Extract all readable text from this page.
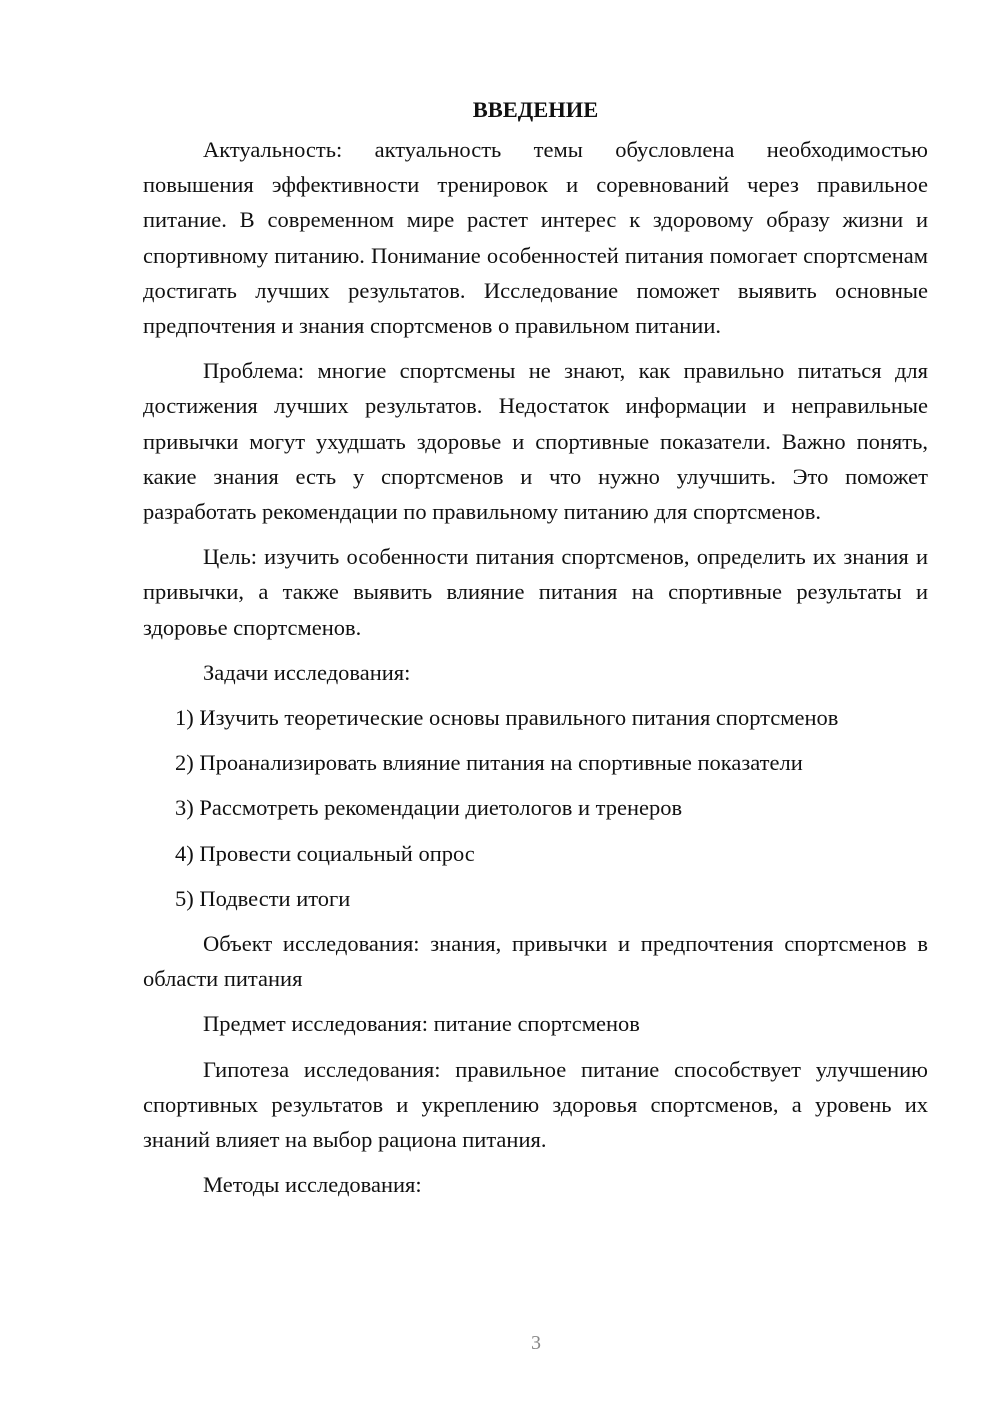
ВВЕДЕНИЕ

Актуальность: актуальность темы обусловлена необходимостью повышения эффективности тренировок и соревнований через правильное питание. В современном мире растет интерес к здоровому образу жизни и спортивному питанию. Понимание особенностей питания помогает спортсменам достигать лучших результатов. Исследование поможет выявить основные предпочтения и знания спортсменов о правильном питании.

Проблема: многие спортсмены не знают, как правильно питаться для достижения лучших результатов. Недостаток информации и неправильные привычки могут ухудшать здоровье и спортивные показатели. Важно понять, какие знания есть у спортсменов и что нужно улучшить. Это поможет разработать рекомендации по правильному питанию для спортсменов.

Цель: изучить особенности питания спортсменов, определить их знания и привычки, а также выявить влияние питания на спортивные результаты и здоровье спортсменов.

Задачи исследования:

1) Изучить теоретические основы правильного питания спортсменов

2) Проанализировать влияние питания на спортивные показатели

3) Рассмотреть рекомендации диетологов и тренеров

4) Провести социальный опрос

5) Подвести итоги

Объект исследования: знания, привычки и предпочтения спортсменов в области питания

Предмет исследования: питание спортсменов

Гипотеза исследования: правильное питание способствует улучшению спортивных результатов и укреплению здоровья спортсменов, а уровень их знаний влияет на выбор рациона питания.

Методы исследования:

3
